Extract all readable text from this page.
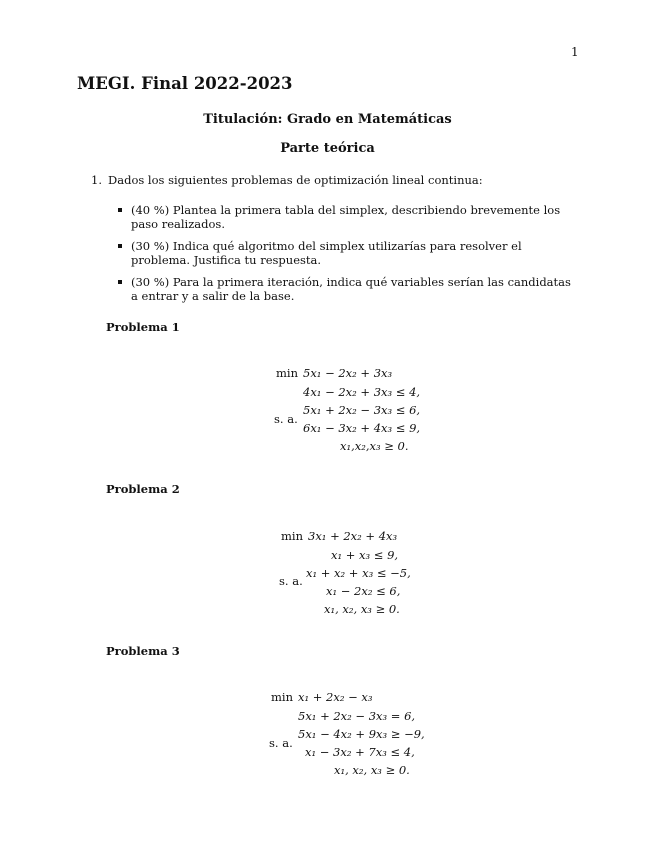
1
MEGI. Final 2022-2023
Titulación: Grado en Matemáticas
Parte teórica
1. Dados los siguientes problemas de optimización lineal continua:
(40 %) Plantea la primera tabla del simplex, describiendo brevemente los paso realizados.
(30 %) Indica qué algoritmo del simplex utilizarías para resolver el problema. Justifica tu respuesta.
(30 %) Para la primera iteración, indica qué variables serían las candidatas a entrar y a salir de la base.
Problema 1
min 5x₁ − 2x₂ + 3x₃
s. a.
4x₁ − 2x₂ + 3x₃ ≤ 4,
5x₁ + 2x₂ − 3x₃ ≤ 6,
6x₁ − 3x₂ + 4x₃ ≤ 9,
x₁,x₂,x₃ ≥ 0.
Problema 2
min 3x₁ + 2x₂ + 4x₃
s. a.
x₁ + x₃ ≤ 9,
x₁ + x₂ + x₃ ≤ −5,
x₁ − 2x₂ ≤ 6,
x₁, x₂, x₃ ≥ 0.
Problema 3
min x₁ + 2x₂ − x₃
s. a.
5x₁ + 2x₂ − 3x₃ = 6,
5x₁ − 4x₂ + 9x₃ ≥ −9,
x₁ − 3x₂ + 7x₃ ≤ 4,
x₁, x₂, x₃ ≥ 0.
